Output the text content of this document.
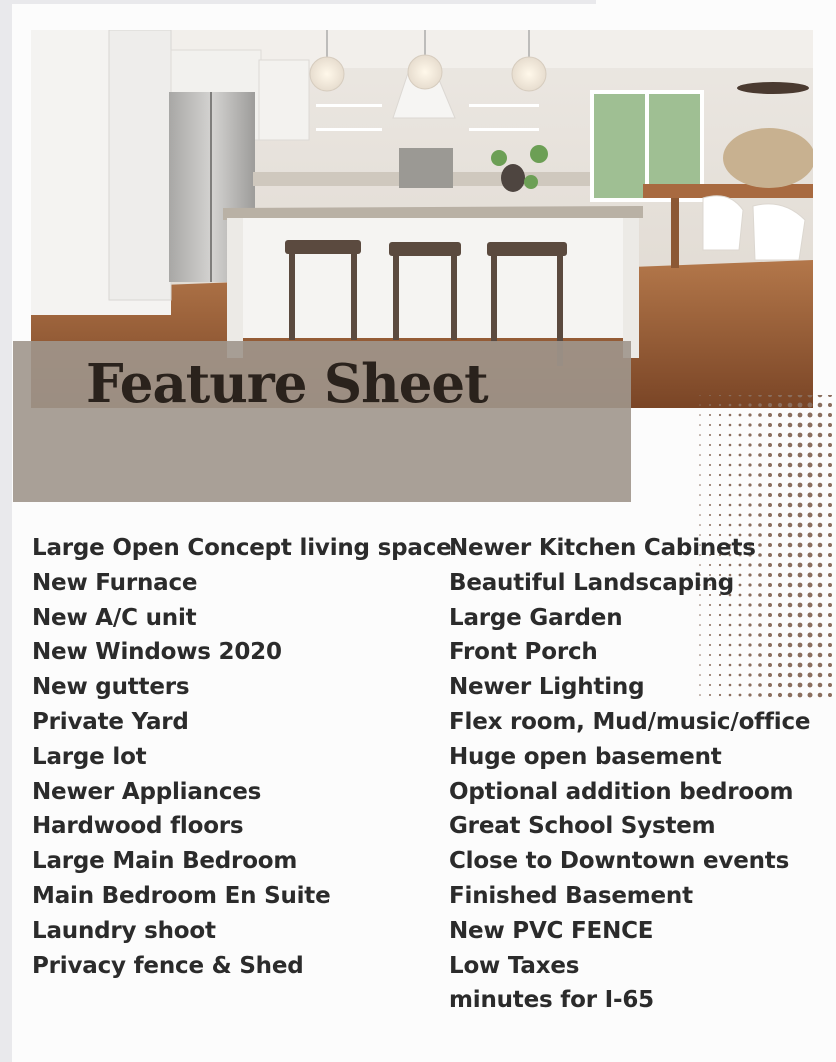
Feature Sheet
Large Open Concept living space
New Furnace
New A/C unit
New Windows 2020
New gutters
Private Yard
Large lot
Newer Appliances
Hardwood floors
Large Main Bedroom
Main Bedroom En Suite
Laundry shoot
Privacy fence & Shed
Newer Kitchen Cabinets
Beautiful Landscaping
Large Garden
Front Porch
Newer Lighting
Flex room, Mud/music/office
Huge open basement
Optional addition bedroom
Great School System
Close to Downtown events
Finished Basement
New PVC FENCE
Low Taxes
minutes for I-65
